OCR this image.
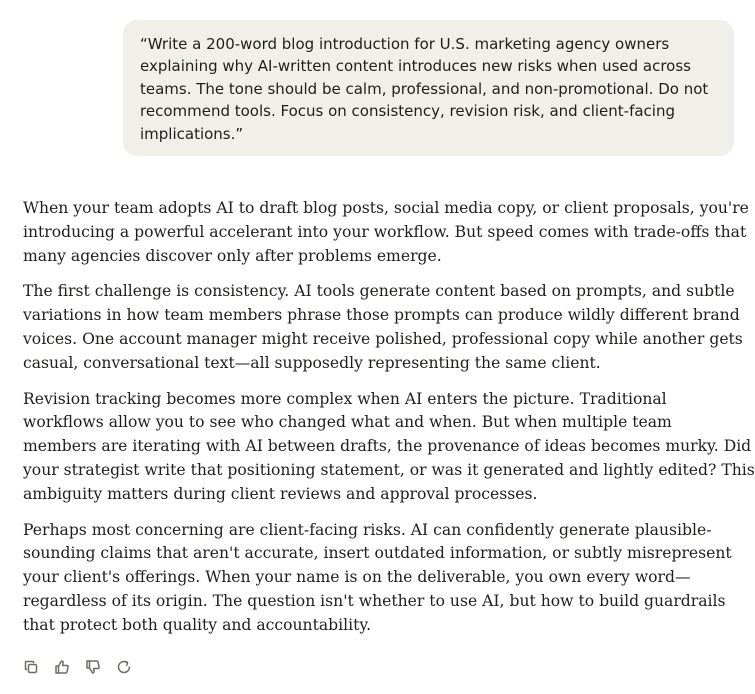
“Write a 200-word blog introduction for U.S. marketing agency owners
explaining why AI-written content introduces new risks when used across
teams. The tone should be calm, professional, and non-promotional. Do not
recommend tools. Focus on consistency, revision risk, and client-facing
implications.”

When your team adopts AI to draft blog posts, social media copy, or client proposals, you're
introducing a powerful accelerant into your workflow. But speed comes with trade-offs that
many agencies discover only after problems emerge.

The first challenge is consistency. AI tools generate content based on prompts, and subtle
variations in how team members phrase those prompts can produce wildly different brand
voices. One account manager might receive polished, professional copy while another gets
casual, conversational text—all supposedly representing the same client.

Revision tracking becomes more complex when AI enters the picture. Traditional
workflows allow you to see who changed what and when. But when multiple team
members are iterating with AI between drafts, the provenance of ideas becomes murky. Did
your strategist write that positioning statement, or was it generated and lightly edited? This
ambiguity matters during client reviews and approval processes.

Perhaps most concerning are client-facing risks. AI can confidently generate plausible-
sounding claims that aren't accurate, insert outdated information, or subtly misrepresent
your client's offerings. When your name is on the deliverable, you own every word—
regardless of its origin. The question isn't whether to use AI, but how to build guardrails
that protect both quality and accountability.
